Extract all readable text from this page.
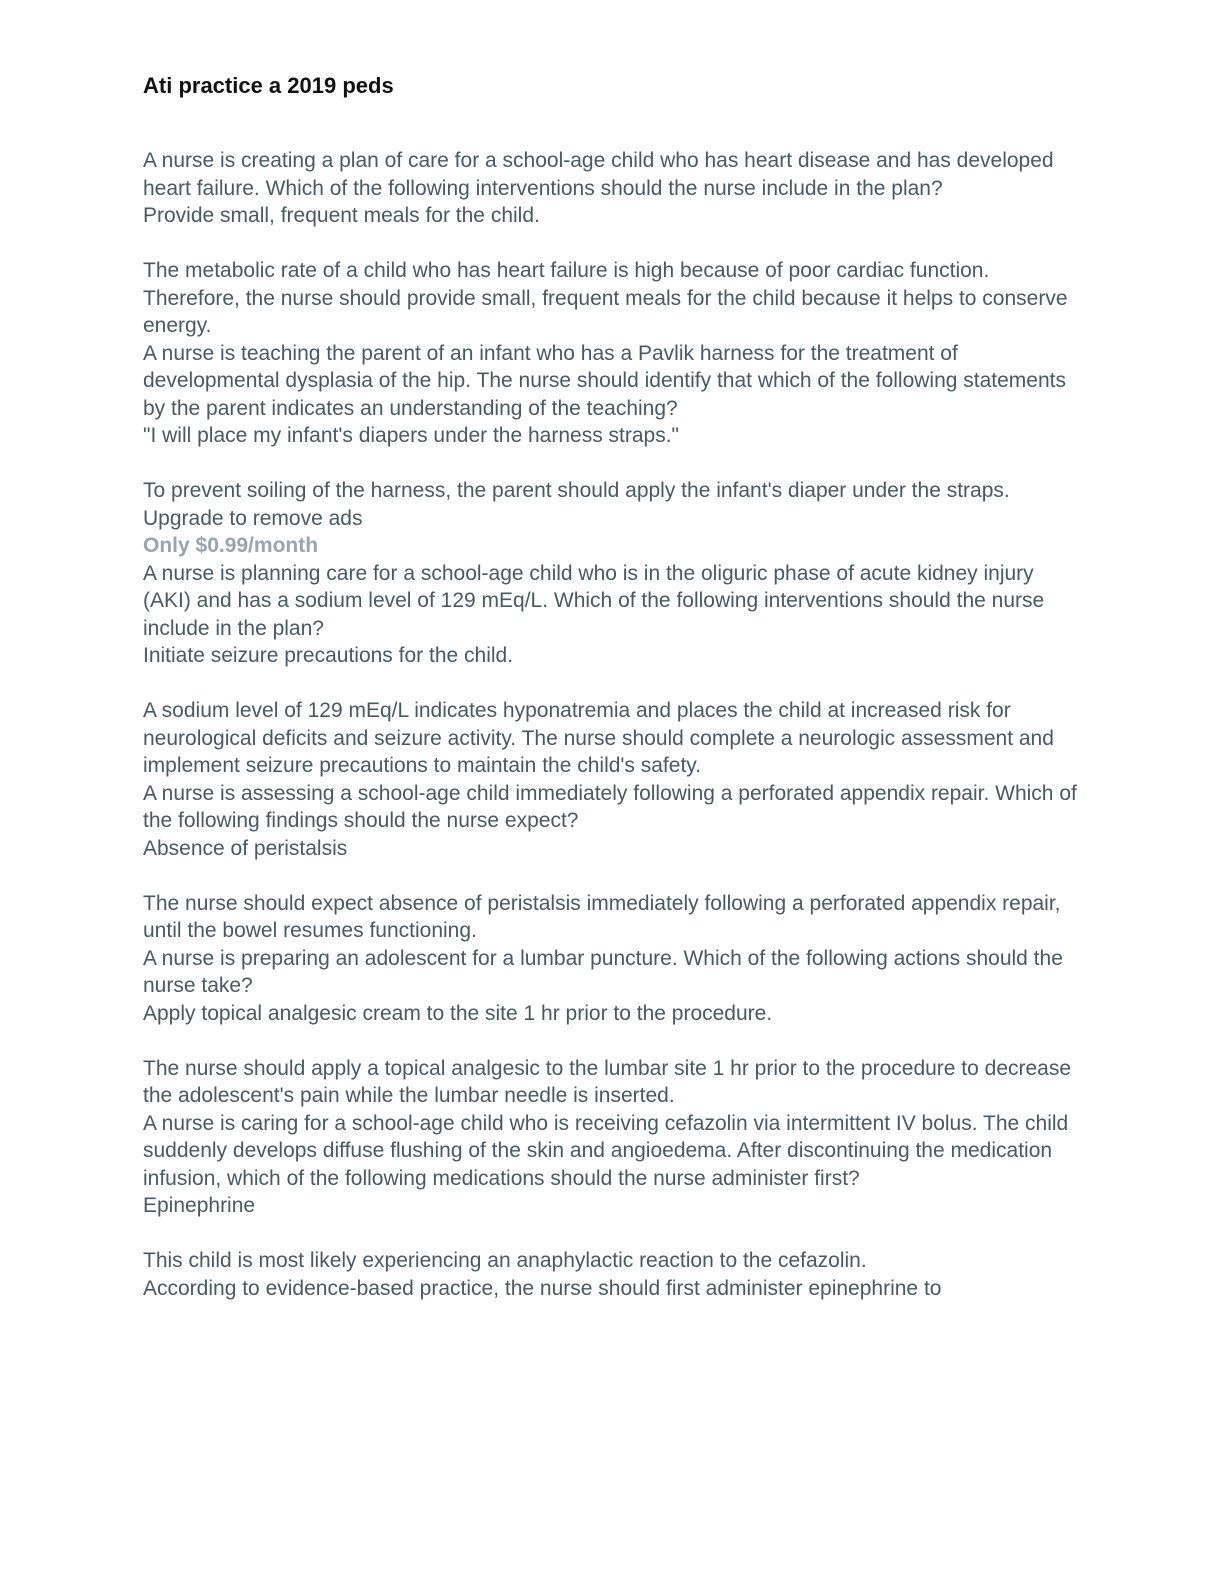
Ati practice a 2019 peds
A nurse is creating a plan of care for a school-age child who has heart disease and has developed heart failure. Which of the following interventions should the nurse include in the plan?
Provide small, frequent meals for the child.
The metabolic rate of a child who has heart failure is high because of poor cardiac function. Therefore, the nurse should provide small, frequent meals for the child because it helps to conserve energy.
A nurse is teaching the parent of an infant who has a Pavlik harness for the treatment of developmental dysplasia of the hip. The nurse should identify that which of the following statements by the parent indicates an understanding of the teaching?
"I will place my infant's diapers under the harness straps."
To prevent soiling of the harness, the parent should apply the infant's diaper under the straps.
Upgrade to remove ads
Only $0.99/month
A nurse is planning care for a school-age child who is in the oliguric phase of acute kidney injury (AKI) and has a sodium level of 129 mEq/L. Which of the following interventions should the nurse include in the plan?
Initiate seizure precautions for the child.
A sodium level of 129 mEq/L indicates hyponatremia and places the child at increased risk for neurological deficits and seizure activity. The nurse should complete a neurologic assessment and implement seizure precautions to maintain the child's safety.
A nurse is assessing a school-age child immediately following a perforated appendix repair. Which of the following findings should the nurse expect?
Absence of peristalsis
The nurse should expect absence of peristalsis immediately following a perforated appendix repair, until the bowel resumes functioning.
A nurse is preparing an adolescent for a lumbar puncture. Which of the following actions should the nurse take?
Apply topical analgesic cream to the site 1 hr prior to the procedure.
The nurse should apply a topical analgesic to the lumbar site 1 hr prior to the procedure to decrease the adolescent's pain while the lumbar needle is inserted.
A nurse is caring for a school-age child who is receiving cefazolin via intermittent IV bolus. The child suddenly develops diffuse flushing of the skin and angioedema. After discontinuing the medication infusion, which of the following medications should the nurse administer first?
Epinephrine
This child is most likely experiencing an anaphylactic reaction to the cefazolin.
According to evidence-based practice, the nurse should first administer epinephrine to
